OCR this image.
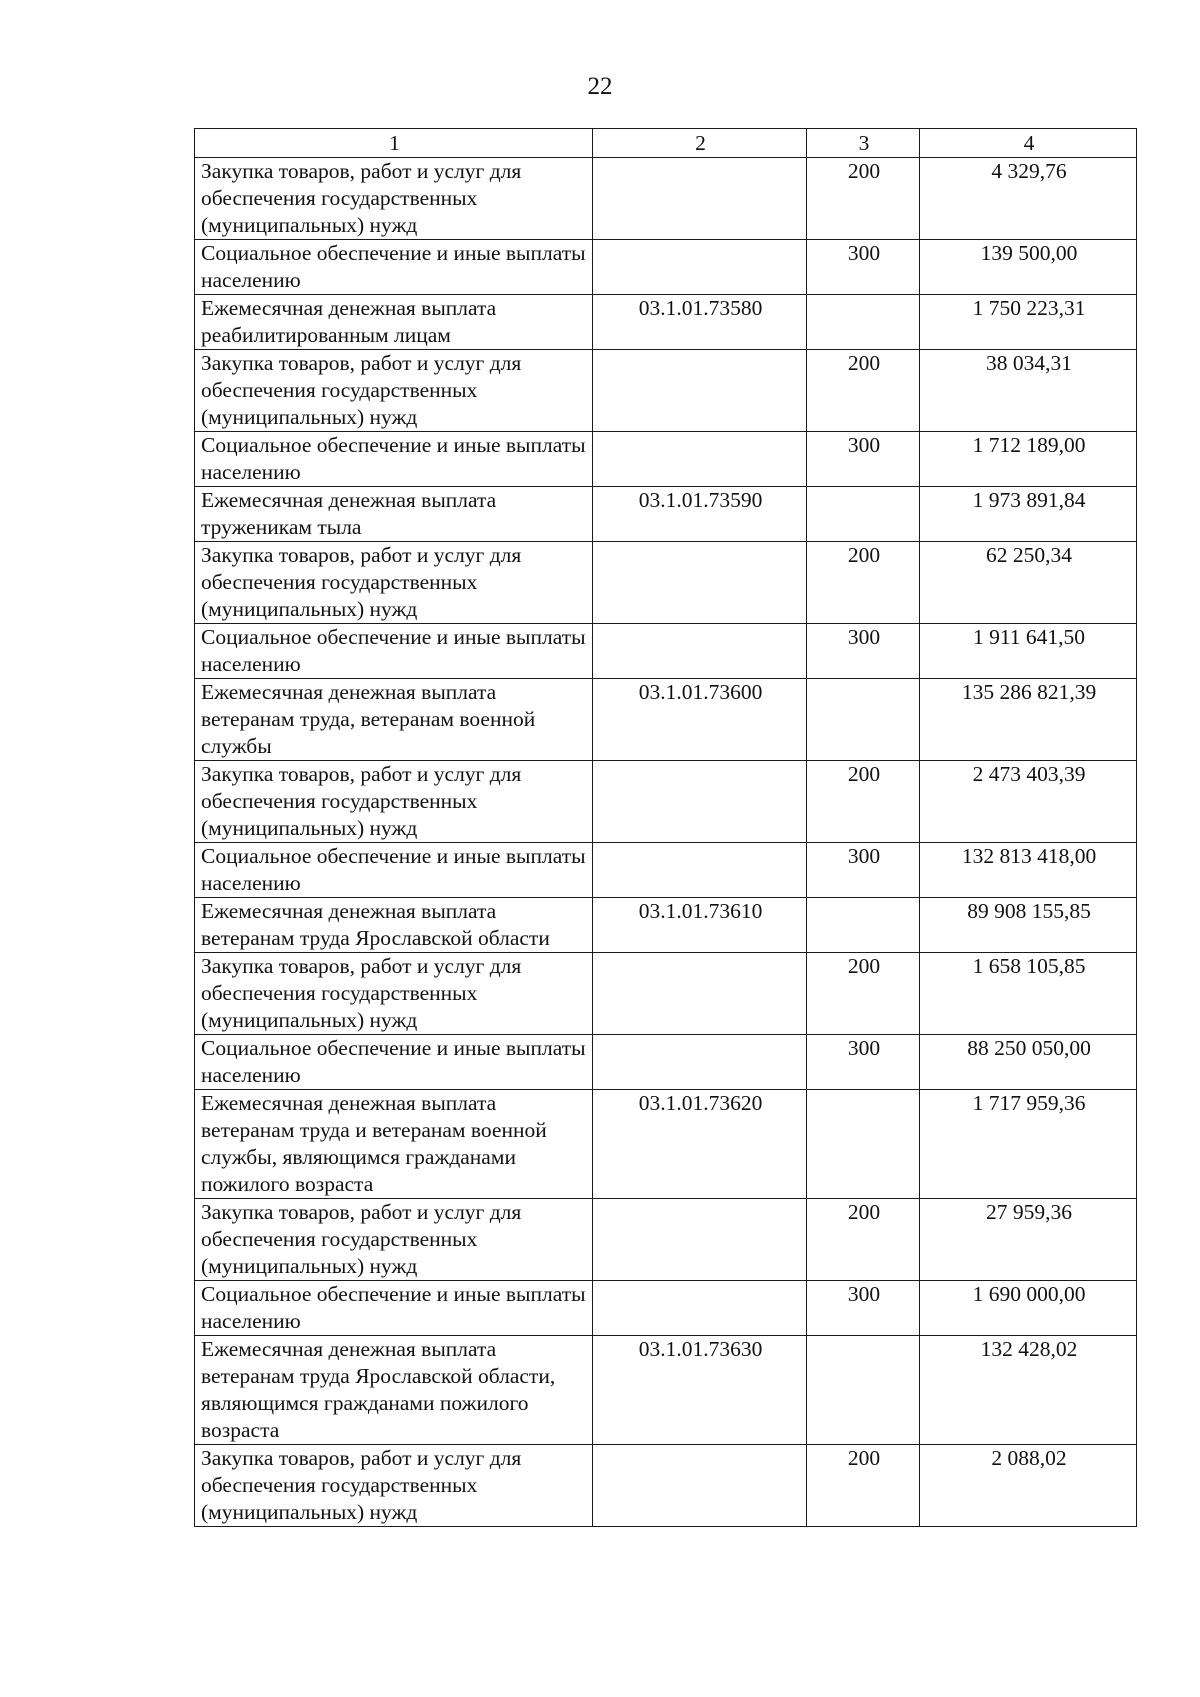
22
1	2	3	4
Закупка товаров, работ и услуг для обеспечения государственных (муниципальных) нужд		200	4 329,76
Социальное обеспечение и иные выплаты населению		300	139 500,00
Ежемесячная денежная выплата реабилитированным лицам	03.1.01.73580		1 750 223,31
Закупка товаров, работ и услуг для обеспечения государственных (муниципальных) нужд		200	38 034,31
Социальное обеспечение и иные выплаты населению		300	1 712 189,00
Ежемесячная денежная выплата труженикам тыла	03.1.01.73590		1 973 891,84
Закупка товаров, работ и услуг для обеспечения государственных (муниципальных) нужд		200	62 250,34
Социальное обеспечение и иные выплаты населению		300	1 911 641,50
Ежемесячная денежная выплата ветеранам труда, ветеранам военной службы	03.1.01.73600		135 286 821,39
Закупка товаров, работ и услуг для обеспечения государственных (муниципальных) нужд		200	2 473 403,39
Социальное обеспечение и иные выплаты населению		300	132 813 418,00
Ежемесячная денежная выплата ветеранам труда Ярославской области	03.1.01.73610		89 908 155,85
Закупка товаров, работ и услуг для обеспечения государственных (муниципальных) нужд		200	1 658 105,85
Социальное обеспечение и иные выплаты населению		300	88 250 050,00
Ежемесячная денежная выплата ветеранам труда и ветеранам военной службы, являющимся гражданами пожилого возраста	03.1.01.73620		1 717 959,36
Закупка товаров, работ и услуг для обеспечения государственных (муниципальных) нужд		200	27 959,36
Социальное обеспечение и иные выплаты населению		300	1 690 000,00
Ежемесячная денежная выплата ветеранам труда Ярославской области, являющимся гражданами пожилого возраста	03.1.01.73630		132 428,02
Закупка товаров, работ и услуг для обеспечения государственных (муниципальных) нужд		200	2 088,02
